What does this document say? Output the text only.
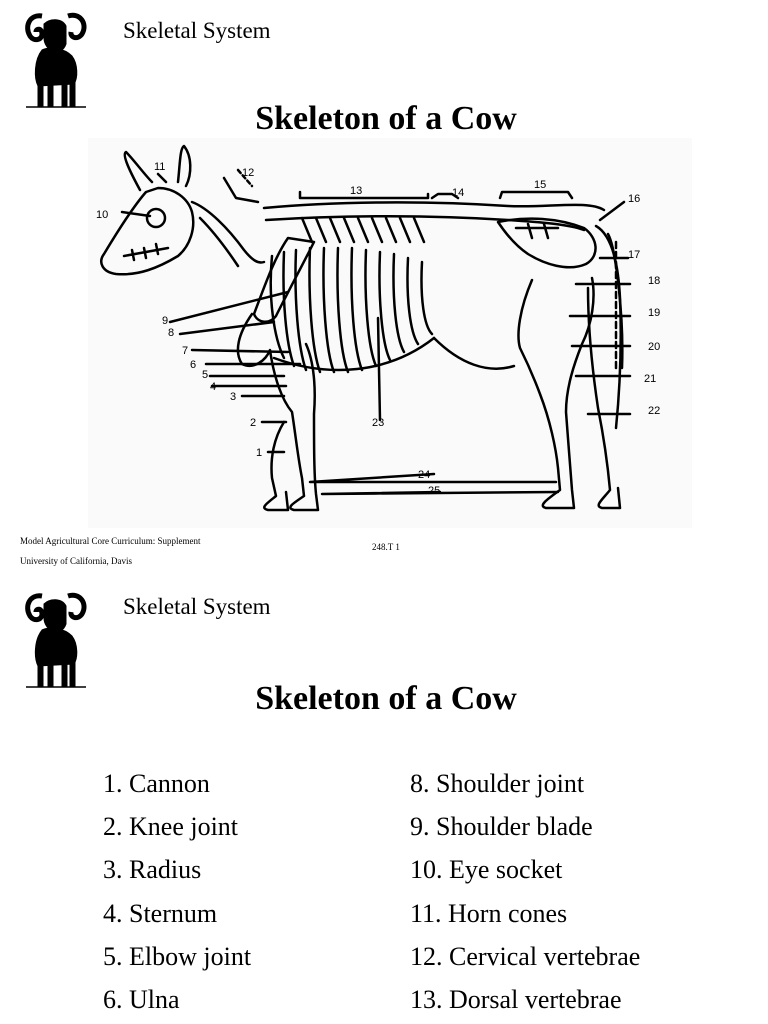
Skeletal System
Skeleton of a Cow
1
2
3
4
5
6
7
8
9
10
11	12
13	14
15
16
17
18
19
20
21
22
23
24
25
Model Agricultural Core Curriculum: Supplement
University of California, Davis
248.T 1
Skeletal System
Skeleton of a Cow
1. Cannon
2. Knee joint
3. Radius
4. Sternum
5. Elbow joint
6. Ulna
8. Shoulder joint
9. Shoulder blade
10. Eye socket
11. Horn cones
12. Cervical vertebrae
13. Dorsal vertebrae
